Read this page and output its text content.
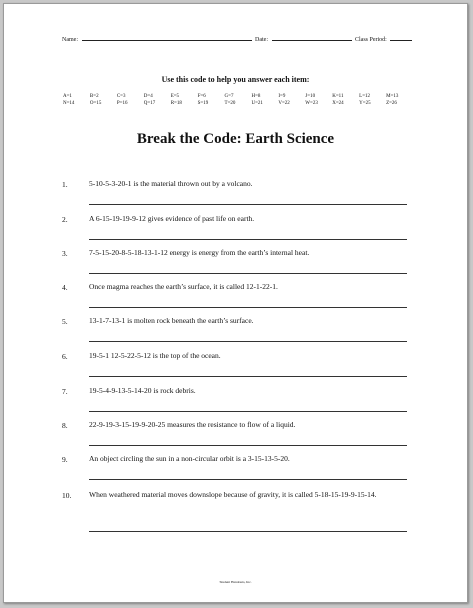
Name:	Date:	Class Period:
Use this code to help you answer each item:
A=1	B=2	C=3	D=4	E=5	F=6	G=7	H=8	I=9	J=10	K=11	L=12	M=13
N=14	O=15	P=16	Q=17	R=18	S=19	T=20	U=21	V=22	W=23	X=24	Y=25	Z=26
Break the Code: Earth Science
1.	5-10-5-3-20-1 is the material thrown out by a volcano.
2.	A 6-15-19-19-9-12 gives evidence of past life on earth.
3.	7-5-15-20-8-5-18-13-1-12 energy is energy from the earth’s internal heat.
4.	Once magma reaches the earth’s surface, it is called 12-1-22-1.
5.	13-1-7-13-1 is molten rock beneath the earth’s surface.
6.	19-5-1 12-5-22-5-12 is the top of the ocean.
7.	19-5-4-9-13-5-14-20 is rock debris.
8.	22-9-19-3-15-19-9-20-25 measures the resistance to flow of a liquid.
9.	An object circling the sun in a non-circular orbit is a 3-15-13-5-20.
10. When weathered material moves downslope because of gravity, it is called 5-18-15-19-9-15-14.
Student Handouts, Inc.
